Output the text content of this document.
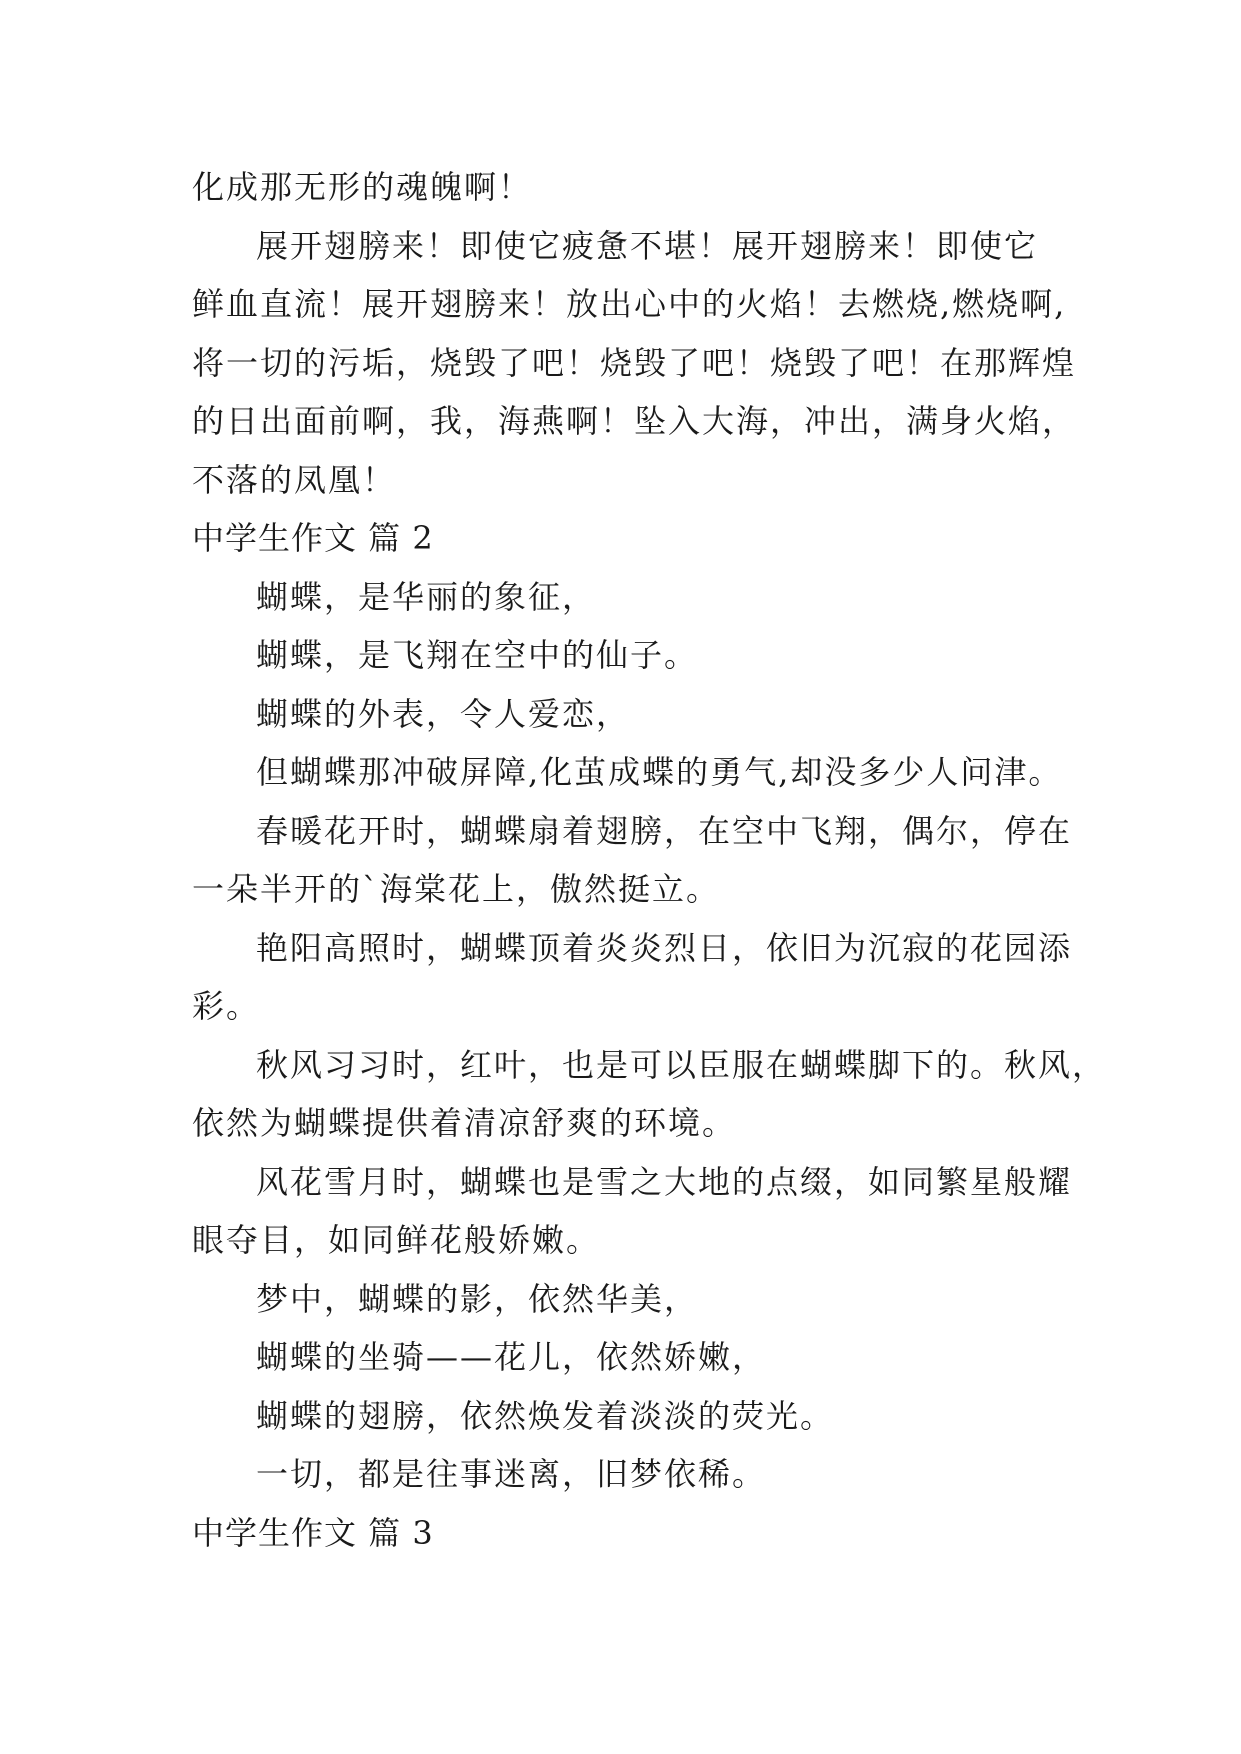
化成那无形的魂魄啊！
展开翅膀来！即使它疲惫不堪！展开翅膀来！即使它
鲜血直流！展开翅膀来！放出心中的火焰！去燃烧,燃烧啊,
将一切的污垢，烧毁了吧！烧毁了吧！烧毁了吧！在那辉煌
的日出面前啊，我，海燕啊！坠入大海，冲出，满身火焰，
不落的凤凰！
中学生作文 篇 2
蝴蝶，是华丽的象征，
蝴蝶，是飞翔在空中的仙子。
蝴蝶的外表，令人爱恋，
但蝴蝶那冲破屏障,化茧成蝶的勇气,却没多少人问津。
春暖花开时，蝴蝶扇着翅膀，在空中飞翔，偶尔，停在
一朵半开的`海棠花上，傲然挺立。
艳阳高照时，蝴蝶顶着炎炎烈日，依旧为沉寂的花园添
彩。
秋风习习时，红叶，也是可以臣服在蝴蝶脚下的。秋风，
依然为蝴蝶提供着清凉舒爽的环境。
风花雪月时，蝴蝶也是雪之大地的点缀，如同繁星般耀
眼夺目，如同鲜花般娇嫩。
梦中，蝴蝶的影，依然华美，
蝴蝶的坐骑——花儿，依然娇嫩，
蝴蝶的翅膀，依然焕发着淡淡的荧光。
一切，都是往事迷离，旧梦依稀。
中学生作文 篇 3
